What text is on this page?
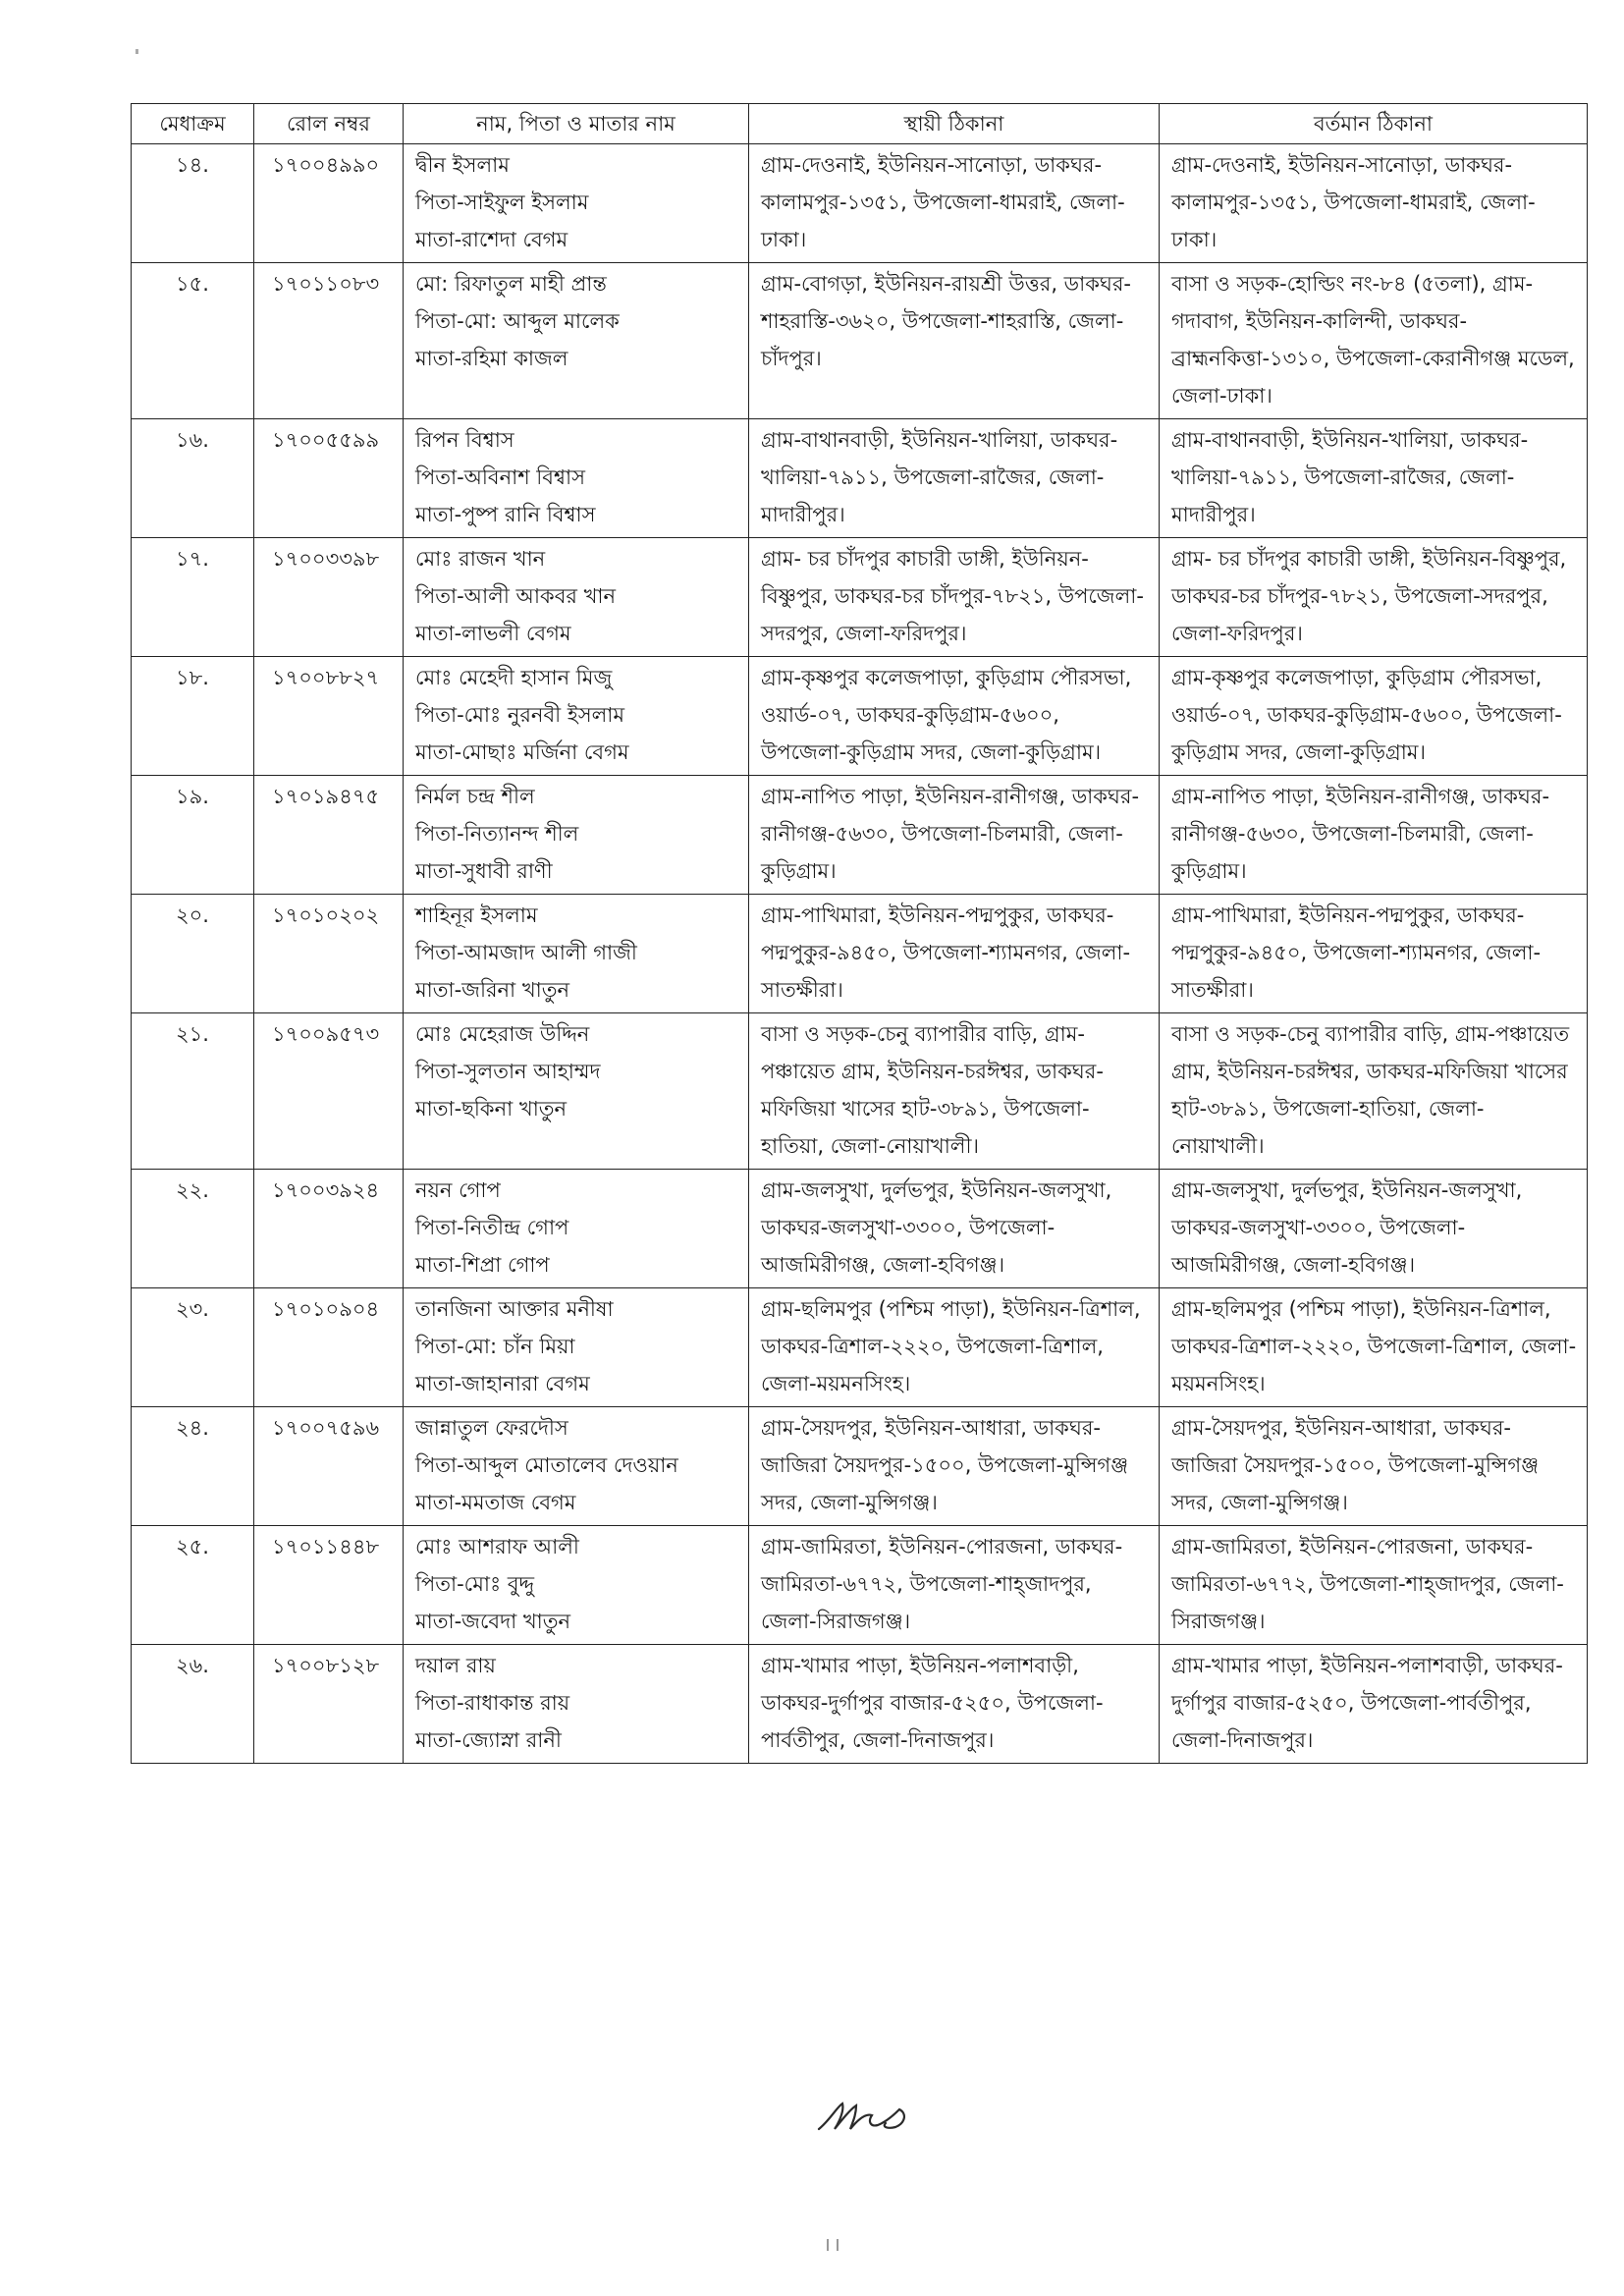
মেধাক্রম	রোল নম্বর	নাম, পিতা ও মাতার নাম	স্থায়ী ঠিকানা	বর্তমান ঠিকানা
১৪.	১৭০০৪৯৯০	দ্বীন ইসলাম
পিতা-সাইফুল ইসলাম
মাতা-রাশেদা বেগম	গ্রাম-দেওনাই, ইউনিয়ন-সানোড়া, ডাকঘর-কালামপুর-১৩৫১, উপজেলা-ধামরাই, জেলা-ঢাকা।	গ্রাম-দেওনাই, ইউনিয়ন-সানোড়া, ডাকঘর-কালামপুর-১৩৫১, উপজেলা-ধামরাই, জেলা-ঢাকা।
১৫.	১৭০১১০৮৩	মো: রিফাতুল মাহী প্রান্ত
পিতা-মো: আব্দুল মালেক
মাতা-রহিমা কাজল	গ্রাম-বোগড়া, ইউনিয়ন-রায়শ্রী উত্তর, ডাকঘর-শাহরাস্তি-৩৬২০, উপজেলা-শাহরাস্তি, জেলা-চাঁদপুর।	বাসা ও সড়ক-হোল্ডিং নং-৮৪ (৫তলা), গ্রাম-গদাবাগ, ইউনিয়ন-কালিন্দী, ডাকঘর-ব্রাহ্মনকিত্তা-১৩১০, উপজেলা-কেরানীগঞ্জ মডেল, জেলা-ঢাকা।
১৬.	১৭০০৫৫৯৯	রিপন বিশ্বাস
পিতা-অবিনাশ বিশ্বাস
মাতা-পুষ্প রানি বিশ্বাস	গ্রাম-বাথানবাড়ী, ইউনিয়ন-খালিয়া, ডাকঘর-খালিয়া-৭৯১১, উপজেলা-রাজৈর, জেলা-মাদারীপুর।	গ্রাম-বাথানবাড়ী, ইউনিয়ন-খালিয়া, ডাকঘর-খালিয়া-৭৯১১, উপজেলা-রাজৈর, জেলা-মাদারীপুর।
১৭.	১৭০০৩৩৯৮	মোঃ রাজন খান
পিতা-আলী আকবর খান
মাতা-লাভলী বেগম	গ্রাম- চর চাঁদপুর কাচারী ডাঙ্গী, ইউনিয়ন-বিষ্ণুপুর, ডাকঘর-চর চাঁদপুর-৭৮২১, উপজেলা-সদরপুর, জেলা-ফরিদপুর।	গ্রাম- চর চাঁদপুর কাচারী ডাঙ্গী, ইউনিয়ন-বিষ্ণুপুর, ডাকঘর-চর চাঁদপুর-৭৮২১, উপজেলা-সদরপুর, জেলা-ফরিদপুর।
১৮.	১৭০০৮৮২৭	মোঃ মেহেদী হাসান মিজু
পিতা-মোঃ নুরনবী ইসলাম
মাতা-মোছাঃ মর্জিনা বেগম	গ্রাম-কৃষ্ণপুর কলেজপাড়া, কুড়িগ্রাম পৌরসভা, ওয়ার্ড-০৭, ডাকঘর-কুড়িগ্রাম-৫৬০০, উপজেলা-কুড়িগ্রাম সদর, জেলা-কুড়িগ্রাম।	গ্রাম-কৃষ্ণপুর কলেজপাড়া, কুড়িগ্রাম পৌরসভা, ওয়ার্ড-০৭, ডাকঘর-কুড়িগ্রাম-৫৬০০, উপজেলা-কুড়িগ্রাম সদর, জেলা-কুড়িগ্রাম।
১৯.	১৭০১৯৪৭৫	নির্মল চন্দ্র শীল
পিতা-নিত্যানন্দ শীল
মাতা-সুধাবী রাণী	গ্রাম-নাপিত পাড়া, ইউনিয়ন-রানীগঞ্জ, ডাকঘর- রানীগঞ্জ-৫৬৩০, উপজেলা-চিলমারী, জেলা-কুড়িগ্রাম।	গ্রাম-নাপিত পাড়া, ইউনিয়ন-রানীগঞ্জ, ডাকঘর- রানীগঞ্জ-৫৬৩০, উপজেলা-চিলমারী, জেলা-কুড়িগ্রাম।
২০.	১৭০১০২০২	শাহিনূর ইসলাম
পিতা-আমজাদ আলী গাজী
মাতা-জরিনা খাতুন	গ্রাম-পাখিমারা, ইউনিয়ন-পদ্মপুকুর, ডাকঘর-পদ্মপুকুর-৯৪৫০, উপজেলা-শ্যামনগর, জেলা-সাতক্ষীরা।	গ্রাম-পাখিমারা, ইউনিয়ন-পদ্মপুকুর, ডাকঘর-পদ্মপুকুর-৯৪৫০, উপজেলা-শ্যামনগর, জেলা-সাতক্ষীরা।
২১.	১৭০০৯৫৭৩	মোঃ মেহেরাজ উদ্দিন
পিতা-সুলতান আহাম্মদ
মাতা-ছকিনা খাতুন	বাসা ও সড়ক-চেনু ব্যাপারীর বাড়ি, গ্রাম-পঞ্চায়েত গ্রাম, ইউনিয়ন-চরঈশ্বর, ডাকঘর-মফিজিয়া খাসের হাট-৩৮৯১, উপজেলা-হাতিয়া, জেলা-নোয়াখালী।	বাসা ও সড়ক-চেনু ব্যাপারীর বাড়ি, গ্রাম-পঞ্চায়েত গ্রাম, ইউনিয়ন-চরঈশ্বর, ডাকঘর-মফিজিয়া খাসের হাট-৩৮৯১, উপজেলা-হাতিয়া, জেলা-নোয়াখালী।
২২.	১৭০০৩৯২৪	নয়ন গোপ
পিতা-নিতীন্দ্র গোপ
মাতা-শিপ্রা গোপ	গ্রাম-জলসুখা, দুর্লভপুর, ইউনিয়ন-জলসুখা, ডাকঘর-জলসুখা-৩৩০০, উপজেলা-আজমিরীগঞ্জ, জেলা-হবিগঞ্জ।	গ্রাম-জলসুখা, দুর্লভপুর, ইউনিয়ন-জলসুখা, ডাকঘর-জলসুখা-৩৩০০, উপজেলা-আজমিরীগঞ্জ, জেলা-হবিগঞ্জ।
২৩.	১৭০১০৯০৪	তানজিনা আক্তার মনীষা
পিতা-মো: চাঁন মিয়া
মাতা-জাহানারা বেগম	গ্রাম-ছলিমপুর (পশ্চিম পাড়া), ইউনিয়ন-ত্রিশাল, ডাকঘর-ত্রিশাল-২২২০, উপজেলা-ত্রিশাল, জেলা-ময়মনসিংহ।	গ্রাম-ছলিমপুর (পশ্চিম পাড়া), ইউনিয়ন-ত্রিশাল, ডাকঘর-ত্রিশাল-২২২০, উপজেলা-ত্রিশাল, জেলা-ময়মনসিংহ।
২৪.	১৭০০৭৫৯৬	জান্নাতুল ফেরদৌস
পিতা-আব্দুল মোতালেব দেওয়ান
মাতা-মমতাজ বেগম	গ্রাম-সৈয়দপুর, ইউনিয়ন-আধারা, ডাকঘর-জাজিরা সৈয়দপুর-১৫০০, উপজেলা-মুন্সিগঞ্জ সদর, জেলা-মুন্সিগঞ্জ।	গ্রাম-সৈয়দপুর, ইউনিয়ন-আধারা, ডাকঘর-জাজিরা সৈয়দপুর-১৫০০, উপজেলা-মুন্সিগঞ্জ সদর, জেলা-মুন্সিগঞ্জ।
২৫.	১৭০১১৪৪৮	মোঃ আশরাফ আলী
পিতা-মোঃ বুদ্দু
মাতা-জবেদা খাতুন	গ্রাম-জামিরতা, ইউনিয়ন-পোরজনা, ডাকঘর-জামিরতা-৬৭৭২, উপজেলা-শাহ্জাদপুর, জেলা-সিরাজগঞ্জ।	গ্রাম-জামিরতা, ইউনিয়ন-পোরজনা, ডাকঘর-জামিরতা-৬৭৭২, উপজেলা-শাহ্জাদপুর, জেলা-সিরাজগঞ্জ।
২৬.	১৭০০৮১২৮	দয়াল রায়
পিতা-রাধাকান্ত রায়
মাতা-জ্যোস্না রানী	গ্রাম-খামার পাড়া, ইউনিয়ন-পলাশবাড়ী, ডাকঘর-দুর্গাপুর বাজার-৫২৫০, উপজেলা-পার্বতীপুর, জেলা-দিনাজপুর।	গ্রাম-খামার পাড়া, ইউনিয়ন-পলাশবাড়ী, ডাকঘর-দুর্গাপুর বাজার-৫২৫০, উপজেলা-পার্বতীপুর, জেলা-দিনাজপুর।
